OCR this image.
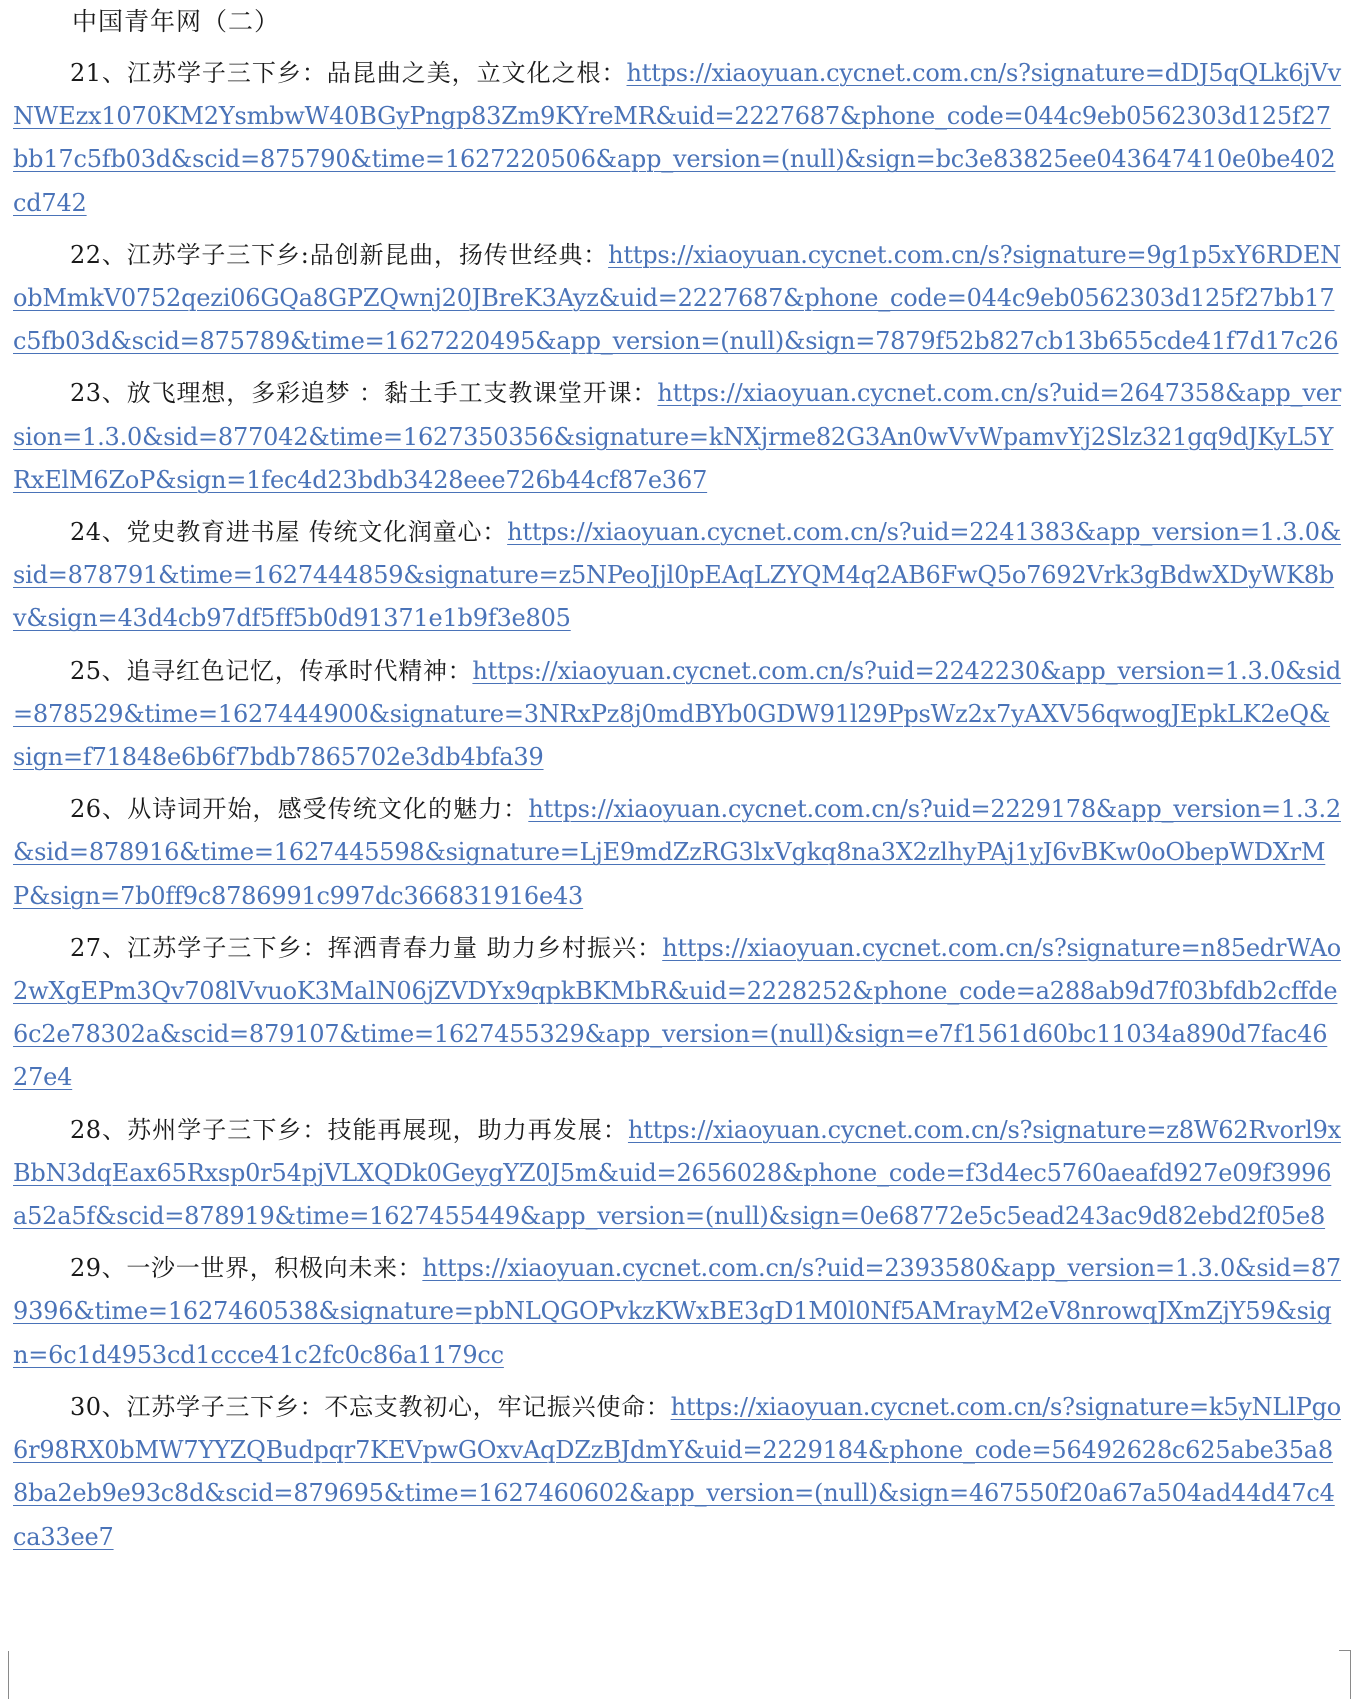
中国青年网（二）
21、江苏学子三下乡：品昆曲之美，立文化之根：https://xiaoyuan.cycnet.com.cn/s?signature=dDJ5qQLk6jVvNWEzx1070KM2YsmbwW40BGyPngp83Zm9KYreMR&uid=2227687&phone_code=044c9eb0562303d125f27bb17c5fb03d&scid=875790&time=1627220506&app_version=(null)&sign=bc3e83825ee043647410e0be402cd742
22、江苏学子三下乡:品创新昆曲，扬传世经典：https://xiaoyuan.cycnet.com.cn/s?signature=9g1p5xY6RDENobMmkV0752qezi06GQa8GPZQwnj20JBreK3Ayz&uid=2227687&phone_code=044c9eb0562303d125f27bb17c5fb03d&scid=875789&time=1627220495&app_version=(null)&sign=7879f52b827cb13b655cde41f7d17c26
23、放飞理想，多彩追梦 ：黏土手工支教课堂开课：https://xiaoyuan.cycnet.com.cn/s?uid=2647358&app_version=1.3.0&sid=877042&time=1627350356&signature=kNXjrme82G3An0wVvWpamvYj2Slz321gq9dJKyL5YRxElM6ZoP&sign=1fec4d23bdb3428eee726b44cf87e367
24、党史教育进书屋 传统文化润童心：https://xiaoyuan.cycnet.com.cn/s?uid=2241383&app_version=1.3.0&sid=878791&time=1627444859&signature=z5NPeoJjl0pEAqLZYQM4q2AB6FwQ5o7692Vrk3gBdwXDyWK8bv&sign=43d4cb97df5ff5b0d91371e1b9f3e805
25、追寻红色记忆，传承时代精神：https://xiaoyuan.cycnet.com.cn/s?uid=2242230&app_version=1.3.0&sid=878529&time=1627444900&signature=3NRxPz8j0mdBYb0GDW91l29PpsWz2x7yAXV56qwogJEpkLK2eQ&sign=f71848e6b6f7bdb7865702e3db4bfa39
26、从诗词开始，感受传统文化的魅力：https://xiaoyuan.cycnet.com.cn/s?uid=2229178&app_version=1.3.2&sid=878916&time=1627445598&signature=LjE9mdZzRG3lxVgkq8na3X2zlhyPAj1yJ6vBKw0oObepWDXrMP&sign=7b0ff9c8786991c997dc366831916e43
27、江苏学子三下乡：挥洒青春力量 助力乡村振兴：https://xiaoyuan.cycnet.com.cn/s?signature=n85edrWAo2wXgEPm3Qv708lVvuoK3MalN06jZVDYx9qpkBKMbR&uid=2228252&phone_code=a288ab9d7f03bfdb2cffde6c2e78302a&scid=879107&time=1627455329&app_version=(null)&sign=e7f1561d60bc11034a890d7fac4627e4
28、苏州学子三下乡：技能再展现，助力再发展：https://xiaoyuan.cycnet.com.cn/s?signature=z8W62Rvorl9xBbN3dqEax65Rxsp0r54pjVLXQDk0GeygYZ0J5m&uid=2656028&phone_code=f3d4ec5760aeafd927e09f3996a52a5f&scid=878919&time=1627455449&app_version=(null)&sign=0e68772e5c5ead243ac9d82ebd2f05e8
29、一沙一世界，积极向未来：https://xiaoyuan.cycnet.com.cn/s?uid=2393580&app_version=1.3.0&sid=879396&time=1627460538&signature=pbNLQGOPvkzKWxBE3gD1M0l0Nf5AMrayM2eV8nrowqJXmZjY59&sign=6c1d4953cd1ccce41c2fc0c86a1179cc
30、江苏学子三下乡：不忘支教初心，牢记振兴使命：https://xiaoyuan.cycnet.com.cn/s?signature=k5yNLlPgo6r98RX0bMW7YYZQBudpqr7KEVpwGOxvAqDZzBJdmY&uid=2229184&phone_code=56492628c625abe35a88ba2eb9e93c8d&scid=879695&time=1627460602&app_version=(null)&sign=467550f20a67a504ad44d47c4ca33ee7
